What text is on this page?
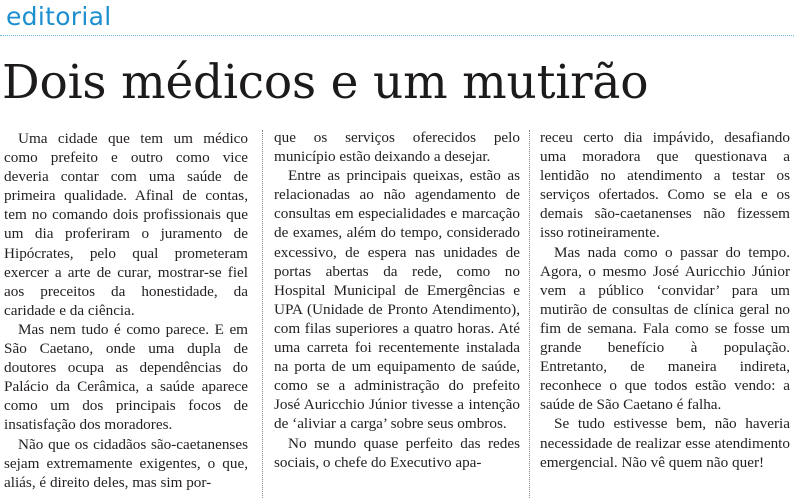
editorial
Dois médicos e um mutirão

Uma cidade que tem um médico como prefeito e outro como vice deveria contar com uma saúde de primeira qualidade. Afinal de contas, tem no comando dois profissionais que um dia proferiram o juramento de Hipócrates, pelo qual prometeram exercer a arte de curar, mostrar-se fiel aos preceitos da honestidade, da caridade e da ciência.

Mas nem tudo é como parece. E em São Caetano, onde uma dupla de doutores ocupa as dependências do Palácio da Cerâmica, a saúde aparece como um dos principais focos de insatisfação dos moradores.

Não que os cidadãos são-caetanenses sejam extremamente exigentes, o que, aliás, é direito deles, mas sim por-

que os serviços oferecidos pelo município estão deixando a desejar.

Entre as principais queixas, estão as relacionadas ao não agendamento de consultas em especialidades e marcação de exames, além do tempo, considerado excessivo, de espera nas unidades de portas abertas da rede, como no Hospital Municipal de Emergências e UPA (Unidade de Pronto Atendimento), com filas superiores a quatro horas. Até uma carreta foi recentemente instalada na porta de um equipamento de saúde, como se a administração do prefeito José Auricchio Júnior tivesse a intenção de ‘aliviar a carga’ sobre seus ombros.

No mundo quase perfeito das redes sociais, o chefe do Executivo apa-

receu certo dia impávido, desafiando uma moradora que questionava a lentidão no atendimento a testar os serviços ofertados. Como se ela e os demais são-caetanenses não fizessem isso rotineiramente.

Mas nada como o passar do tempo. Agora, o mesmo José Auricchio Júnior vem a público ‘convidar’ para um mutirão de consultas de clínica geral no fim de semana. Fala como se fosse um grande benefício à população. Entretanto, de maneira indireta, reconhece o que todos estão vendo: a saúde de São Caetano é falha.

Se tudo estivesse bem, não haveria necessidade de realizar esse atendimento emergencial. Não vê quem não quer!
